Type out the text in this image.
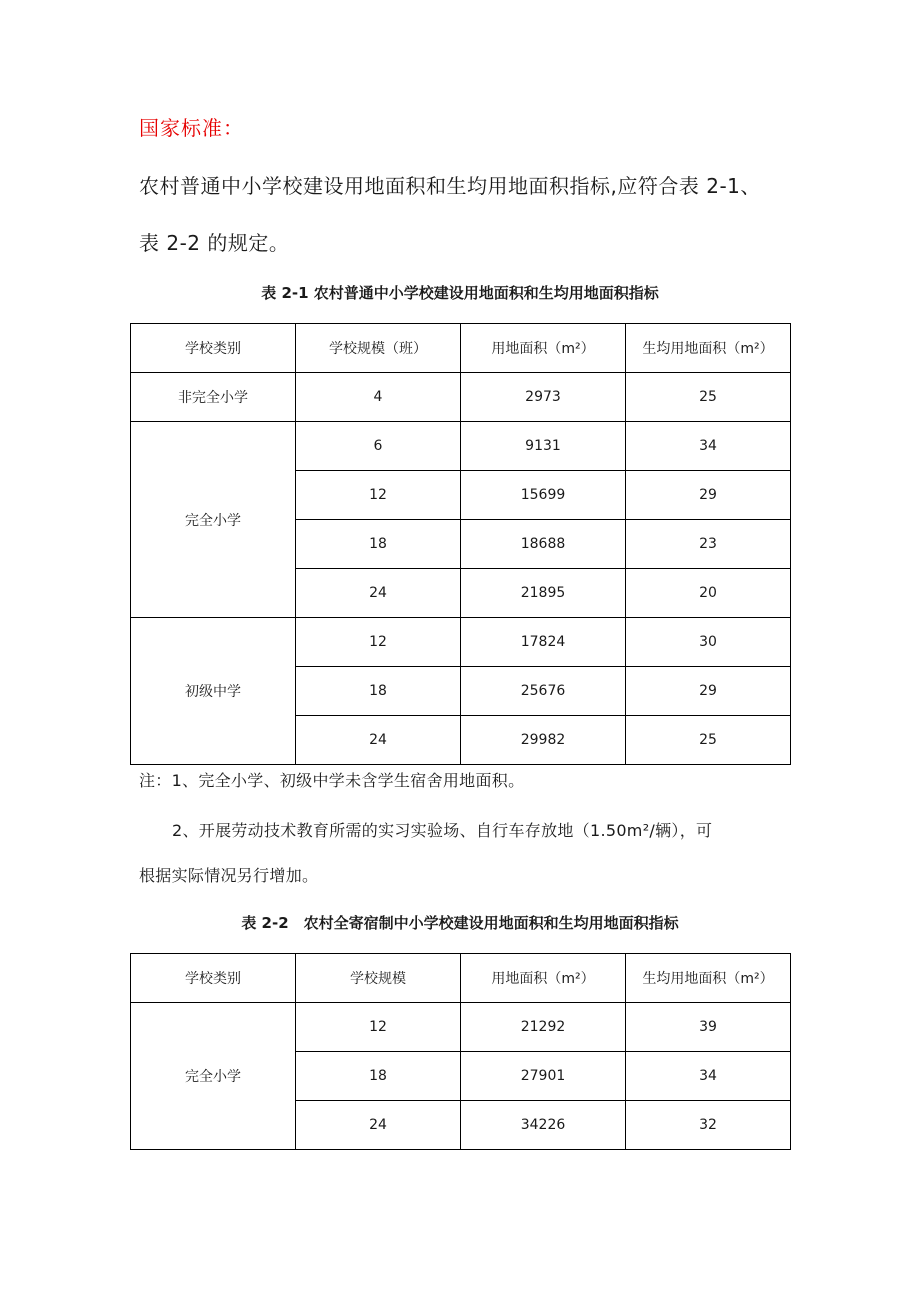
国家标准：
农村普通中小学校建设用地面积和生均用地面积指标,应符合表 2-1、
表 2-2 的规定。
表 2-1 农村普通中小学校建设用地面积和生均用地面积指标
学校类别	学校规模（班）	用地面积（m²）	生均用地面积（m²）
非完全小学	4	2973	25
完全小学	6	9131	34
	12	15699	29
	18	18688	23
	24	21895	20
初级中学	12	17824	30
	18	25676	29
	24	29982	25
注：1、完全小学、初级中学未含学生宿舍用地面积。
2、开展劳动技术教育所需的实习实验场、自行车存放地（1.50m²/辆），可
根据实际情况另行增加。
表 2-2　农村全寄宿制中小学校建设用地面积和生均用地面积指标
学校类别	学校规模	用地面积（m²）	生均用地面积（m²）
完全小学	12	21292	39
	18	27901	34
	24	34226	32
